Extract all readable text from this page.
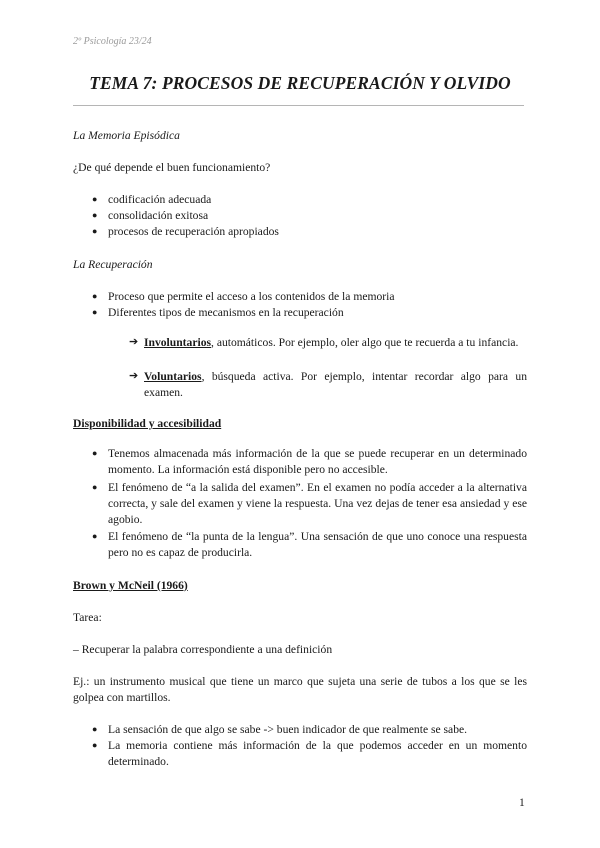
2º Psicología 23/24
TEMA 7: PROCESOS DE RECUPERACIÓN Y OLVIDO
La Memoria Episódica
¿De qué depende el buen funcionamiento?
● codificación adecuada
● consolidación exitosa
● procesos de recuperación apropiados
La Recuperación
● Proceso que permite el acceso a los contenidos de la memoria
● Diferentes tipos de mecanismos en la recuperación
➔ Involuntarios, automáticos. Por ejemplo, oler algo que te recuerda a tu infancia.
➔ Voluntarios, búsqueda activa. Por ejemplo, intentar recordar algo para un examen.
Disponibilidad y accesibilidad
● Tenemos almacenada más información de la que se puede recuperar en un determinado momento. La información está disponible pero no accesible.
● El fenómeno de “a la salida del examen”. En el examen no podía acceder a la alternativa correcta, y sale del examen y viene la respuesta. Una vez dejas de tener esa ansiedad y ese agobio.
● El fenómeno de “la punta de la lengua”. Una sensación de que uno conoce una respuesta pero no es capaz de producirla.
Brown y McNeil (1966)
Tarea:
– Recuperar la palabra correspondiente a una definición
Ej.: un instrumento musical que tiene un marco que sujeta una serie de tubos a los que se les golpea con martillos.
● La sensación de que algo se sabe -> buen indicador de que realmente se sabe.
● La memoria contiene más información de la que podemos acceder en un momento determinado.
1
